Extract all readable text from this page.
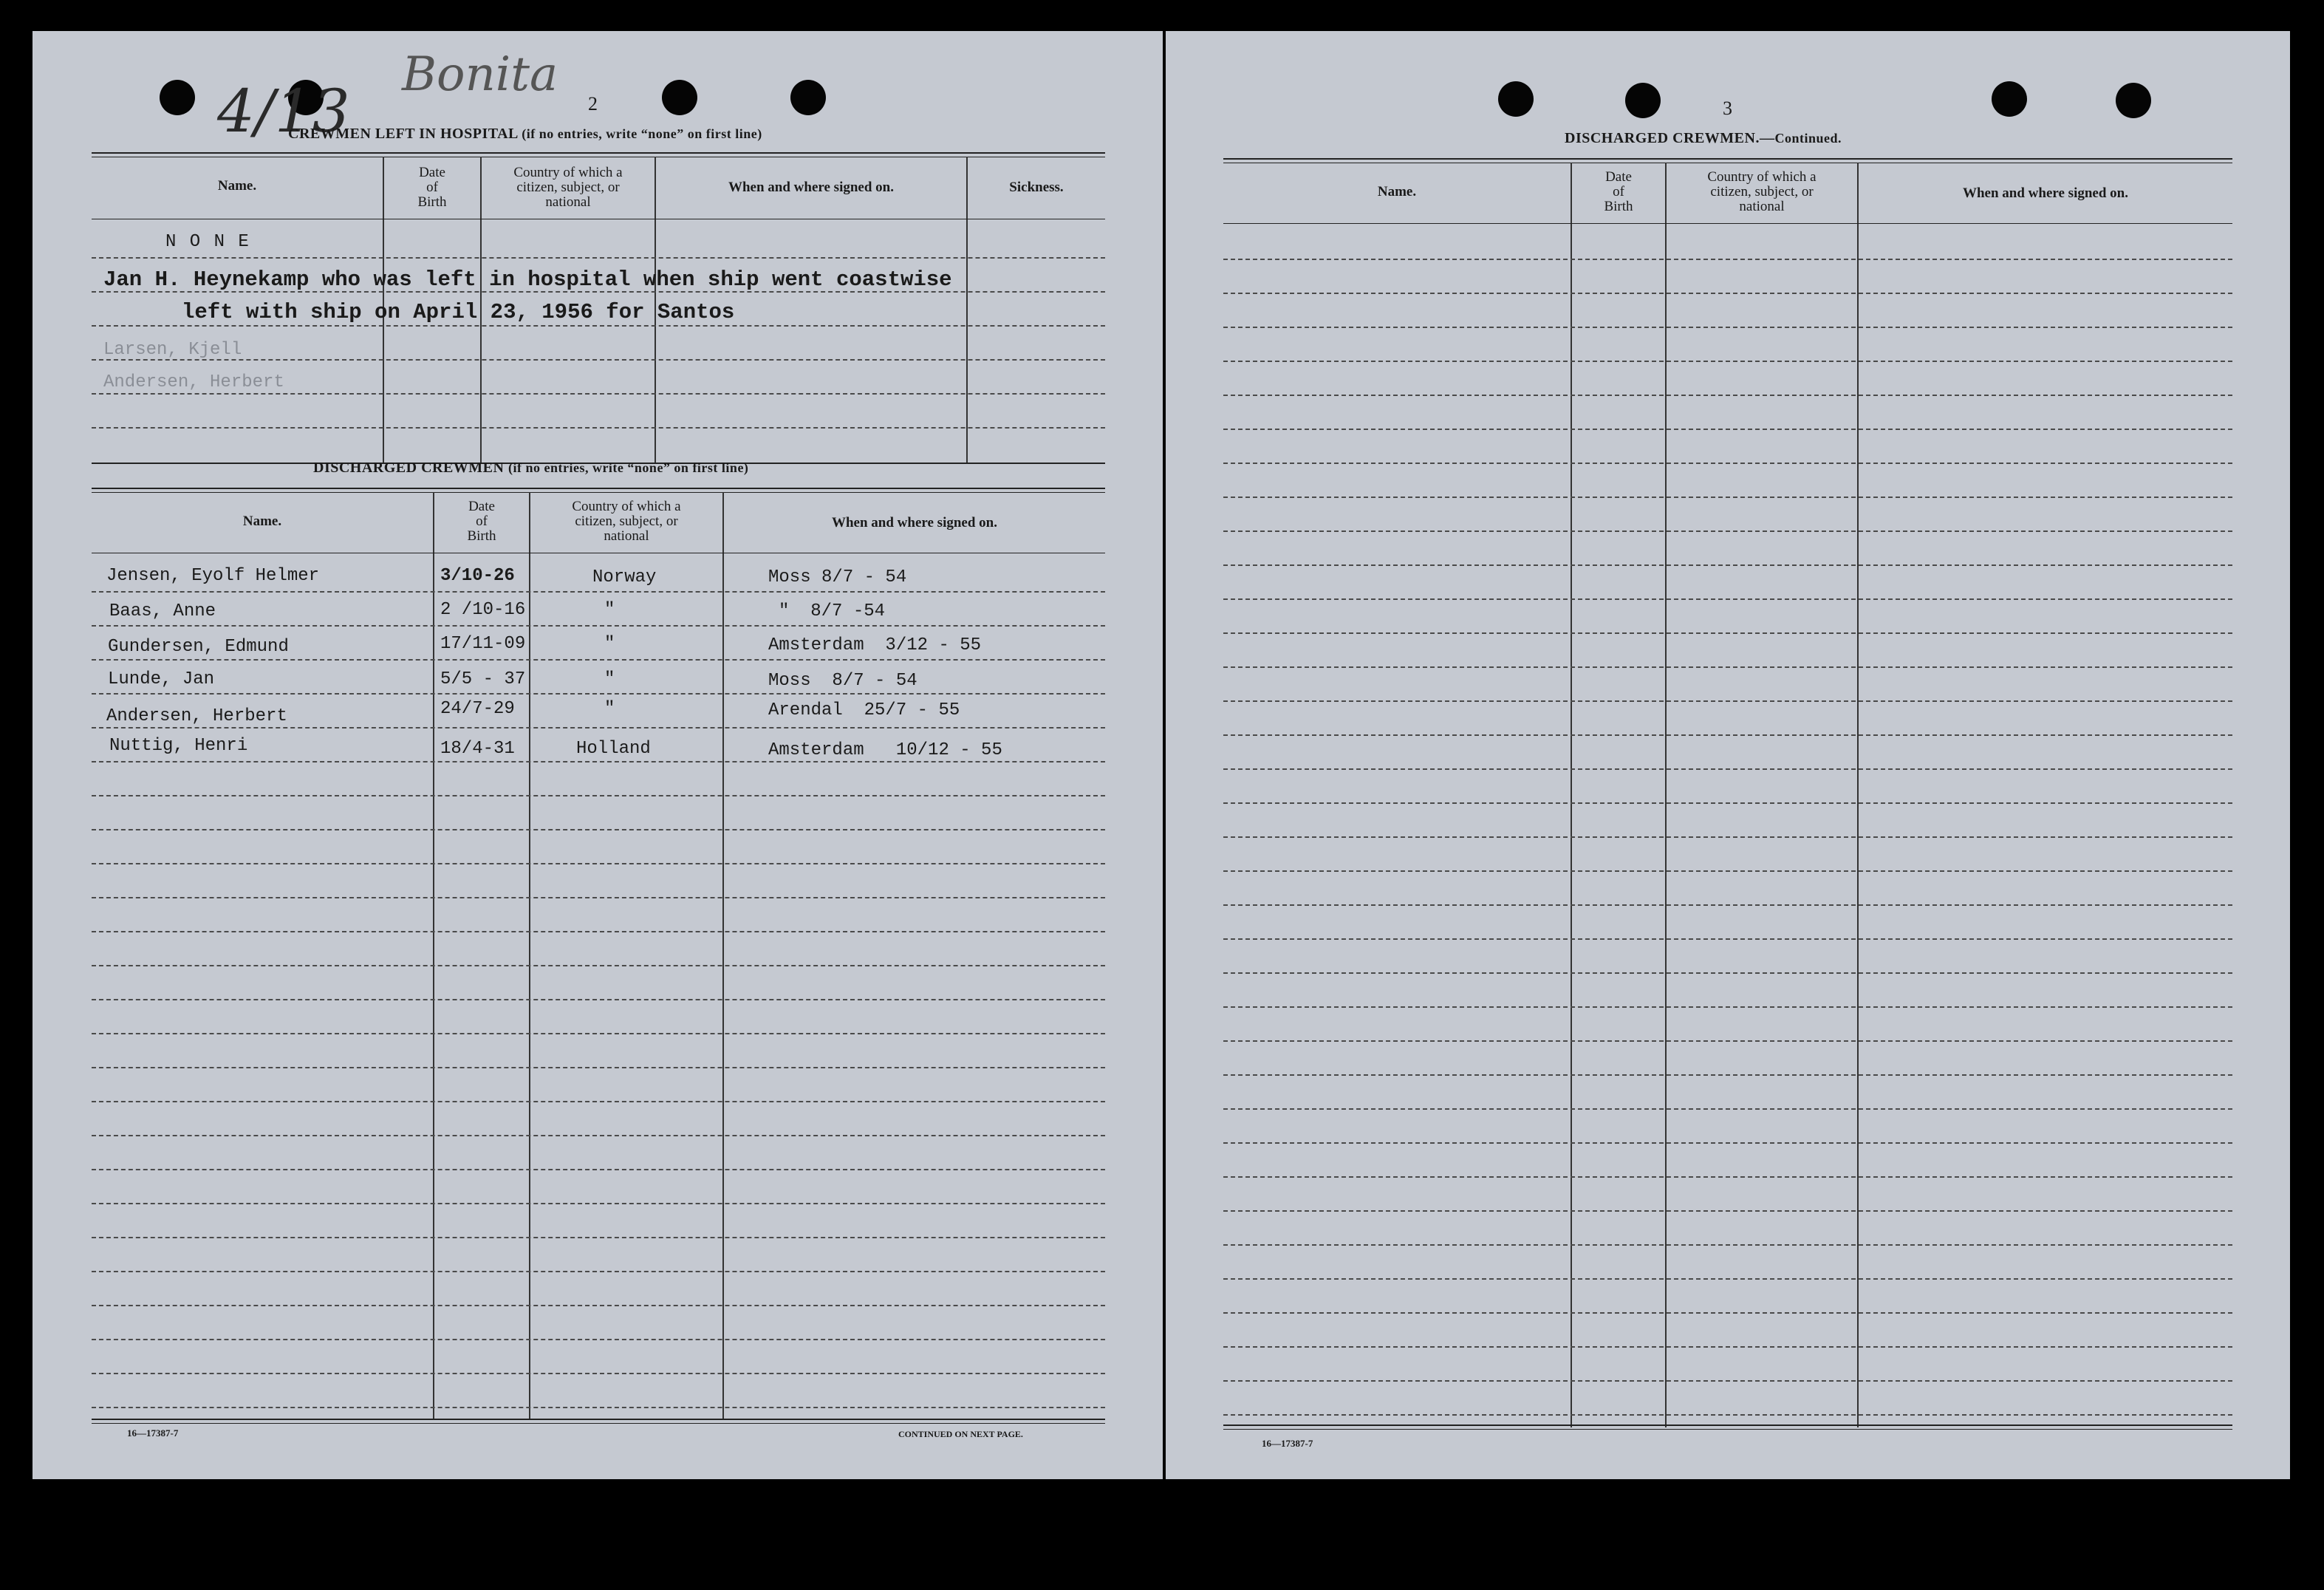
4/13
Bonita
2
CREWMEN LEFT IN HOSPITAL (if no entries, write “none” on first line)
Name.
Date
of
Birth
Country of which a
citizen, subject, or
national
When and where signed on.	Sickness.
N O N E
Jan H. Heynekamp who was left in hospital when ship went coastwise
left with ship on April 23, 1956 for Santos
Larsen, Kjell
Andersen, Herbert
DISCHARGED CREWMEN (if no entries, write “none” on first line)
Name.
Date
of
Birth
Country of which a
citizen, subject, or
national
When and where signed on.
Jensen, Eyolf Helmer	3/10-26	Norway	Moss 8/7 - 54
Baas, Anne	2 /10-16	"	"  8/7 -54
Gundersen, Edmund	17/11-09	"	Amsterdam  3/12 - 55
Lunde, Jan	5/5 - 37	"	Moss  8/7 - 54
Andersen, Herbert	24/7-29	"	Arendal  25/7 - 55
Nuttig, Henri	18/4-31	Holland	Amsterdam   10/12 - 55
16—17387-7	CONTINUED ON NEXT PAGE.
3
DISCHARGED CREWMEN.—Continued.
Name.
Date
of
Birth
Country of which a
citizen, subject, or
national
When and where signed on.
16—17387-7
